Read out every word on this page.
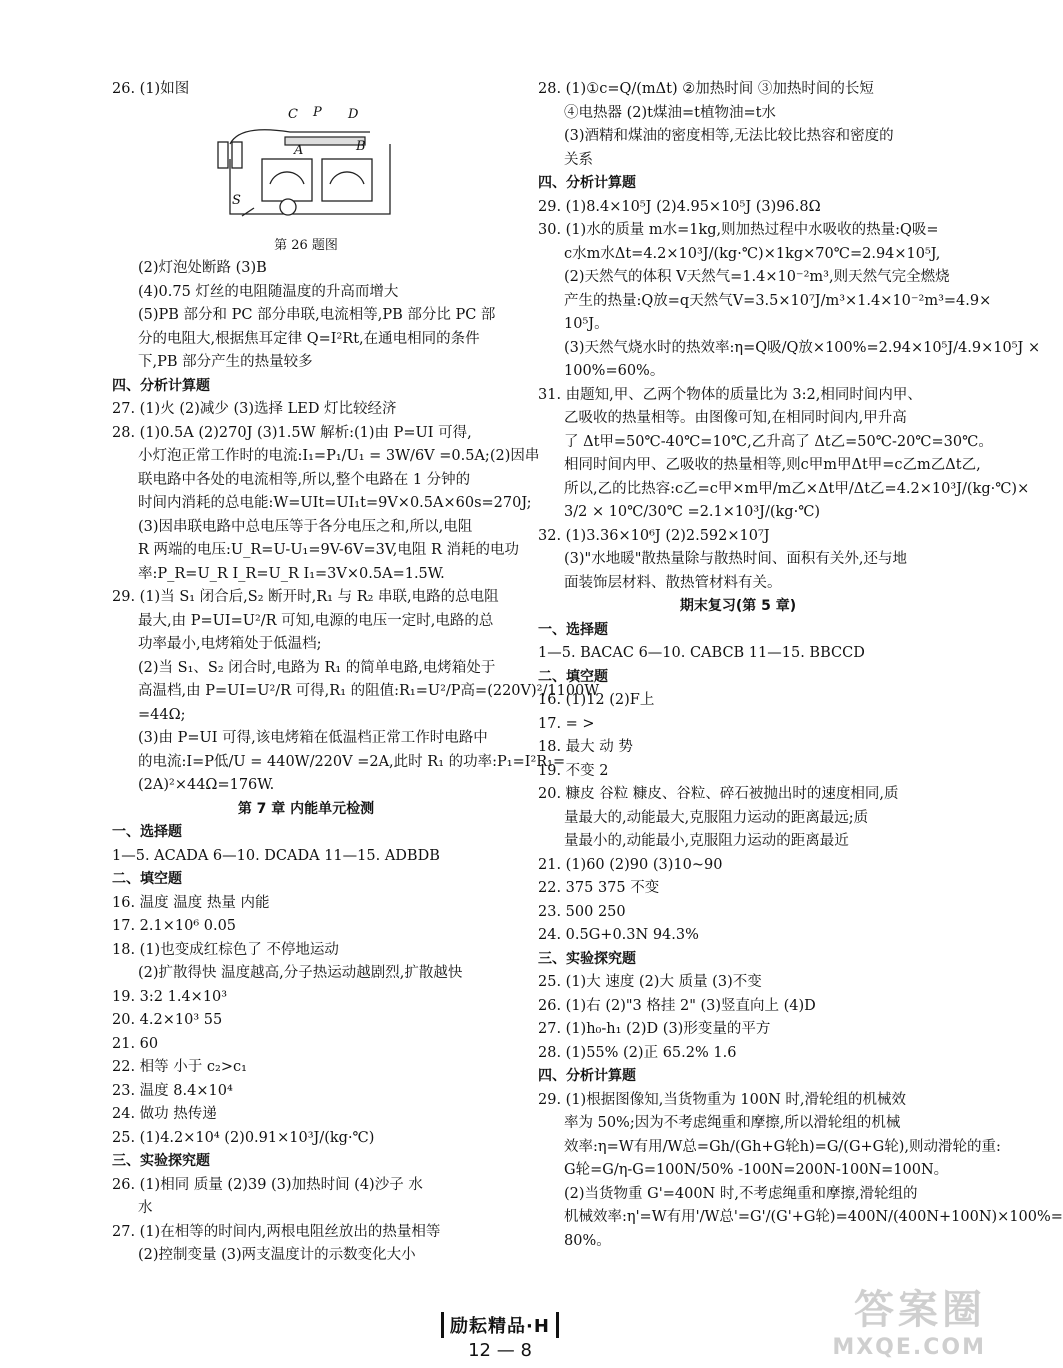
26. (1)如图
C P D
A	B
S
第 26 题图
(2)灯泡处断路 (3)B
(4)0.75 灯丝的电阻随温度的升高而增大
(5)PB 部分和 PC 部分串联,电流相等,PB 部分比 PC 部
分的电阻大,根据焦耳定律 Q=I²Rt,在通电相同的条件
下,PB 部分产生的热量较多
四、分析计算题
27. (1)火 (2)减少 (3)选择 LED 灯比较经济
28. (1)0.5A (2)270J (3)1.5W 解析:(1)由 P=UI 可得,
小灯泡正常工作时的电流:I₁=P₁/U₁ = 3W/6V =0.5A;(2)因串
联电路中各处的电流相等,所以,整个电路在 1 分钟的
时间内消耗的总电能:W=UIt=UI₁t=9V×0.5A×60s=270J;
(3)因串联电路中总电压等于各分电压之和,所以,电阻
R 两端的电压:U_R=U-U₁=9V-6V=3V,电阻 R 消耗的电功
率:P_R=U_R I_R=U_R I₁=3V×0.5A=1.5W.
29. (1)当 S₁ 闭合后,S₂ 断开时,R₁ 与 R₂ 串联,电路的总电阻
最大,由 P=UI=U²/R 可知,电源的电压一定时,电路的总
功率最小,电烤箱处于低温档;
(2)当 S₁、S₂ 闭合时,电路为 R₁ 的简单电路,电烤箱处于
高温档,由 P=UI=U²/R 可得,R₁ 的阻值:R₁=U²/P高=(220V)²/1100W
=44Ω;
(3)由 P=UI 可得,该电烤箱在低温档正常工作时电路中
的电流:I=P低/U = 440W/220V =2A,此时 R₁ 的功率:P₁=I²R₁=
(2A)²×44Ω=176W.
第 7 章 内能单元检测
一、选择题
1—5. ACADA 6—10. DCADA 11—15. ADBDB
二、填空题
16. 温度 温度 热量 内能
17. 2.1×10⁶ 0.05
18. (1)也变成红棕色了 不停地运动
(2)扩散得快 温度越高,分子热运动越剧烈,扩散越快
19. 3:2 1.4×10³
20. 4.2×10³ 55
21. 60
22. 相等 小于 c₂>c₁
23. 温度 8.4×10⁴
24. 做功 热传递
25. (1)4.2×10⁴ (2)0.91×10³J/(kg·℃)
三、实验探究题
26. (1)相同 质量 (2)39 (3)加热时间 (4)沙子 水
水
27. (1)在相等的时间内,两根电阻丝放出的热量相等
(2)控制变量 (3)两支温度计的示数变化大小
28. (1)①c=Q/(mΔt) ②加热时间 ③加热时间的长短
④电热器 (2)t煤油=t植物油=t水
(3)酒精和煤油的密度相等,无法比较比热容和密度的
关系
四、分析计算题
29. (1)8.4×10⁵J (2)4.95×10⁵J (3)96.8Ω
30. (1)水的质量 m水=1kg,则加热过程中水吸收的热量:Q吸=
c水m水Δt=4.2×10³J/(kg·℃)×1kg×70℃=2.94×10⁵J,
(2)天然气的体积 V天然气=1.4×10⁻²m³,则天然气完全燃烧
产生的热量:Q放=q天然气V=3.5×10⁷J/m³×1.4×10⁻²m³=4.9×
10⁵J。
(3)天然气烧水时的热效率:η=Q吸/Q放×100%=2.94×10⁵J/4.9×10⁵J ×
100%=60%。
31. 由题知,甲、乙两个物体的质量比为 3:2,相同时间内甲、
乙吸收的热量相等。由图像可知,在相同时间内,甲升高
了 Δt甲=50℃-40℃=10℃,乙升高了 Δt乙=50℃-20℃=30℃。
相同时间内甲、乙吸收的热量相等,则c甲m甲Δt甲=c乙m乙Δt乙,
所以,乙的比热容:c乙=c甲×m甲/m乙×Δt甲/Δt乙=4.2×10³J/(kg·℃)×
3/2 × 10℃/30℃ =2.1×10³J/(kg·℃)
32. (1)3.36×10⁶J (2)2.592×10⁷J
(3)"水地暖"散热量除与散热时间、面积有关外,还与地
面装饰层材料、散热管材料有关。
期末复习(第 5 章)
一、选择题
1—5. BACAC 6—10. CABCB 11—15. BBCCD
二、填空题
16. (1)12 (2)F上
17. = >
18. 最大 动 势
19. 不变 2
20. 糠皮 谷粒 糠皮、谷粒、碎石被抛出时的速度相同,质
量最大的,动能最大,克服阻力运动的距离最远;质
量最小的,动能最小,克服阻力运动的距离最近
21. (1)60 (2)90 (3)10~90
22. 375 375 不变
23. 500 250
24. 0.5G+0.3N 94.3%
三、实验探究题
25. (1)大 速度 (2)大 质量 (3)不变
26. (1)右 (2)"3 格挂 2" (3)竖直向上 (4)D
27. (1)h₀-h₁ (2)D (3)形变量的平方
28. (1)55% (2)正 65.2% 1.6
四、分析计算题
29. (1)根据图像知,当货物重为 100N 时,滑轮组的机械效
率为 50%;因为不考虑绳重和摩擦,所以滑轮组的机械
效率:η=W有用/W总=Gh/(Gh+G轮h)=G/(G+G轮),则动滑轮的重:
G轮=G/η-G=100N/50% -100N=200N-100N=100N。
(2)当货物重 G'=400N 时,不考虑绳重和摩擦,滑轮组的
机械效率:η'=W有用'/W总'=G'/(G'+G轮)=400N/(400N+100N)×100%=
80%。
励耘精品·H
12 — 8
答案圈
MXQE.COM
